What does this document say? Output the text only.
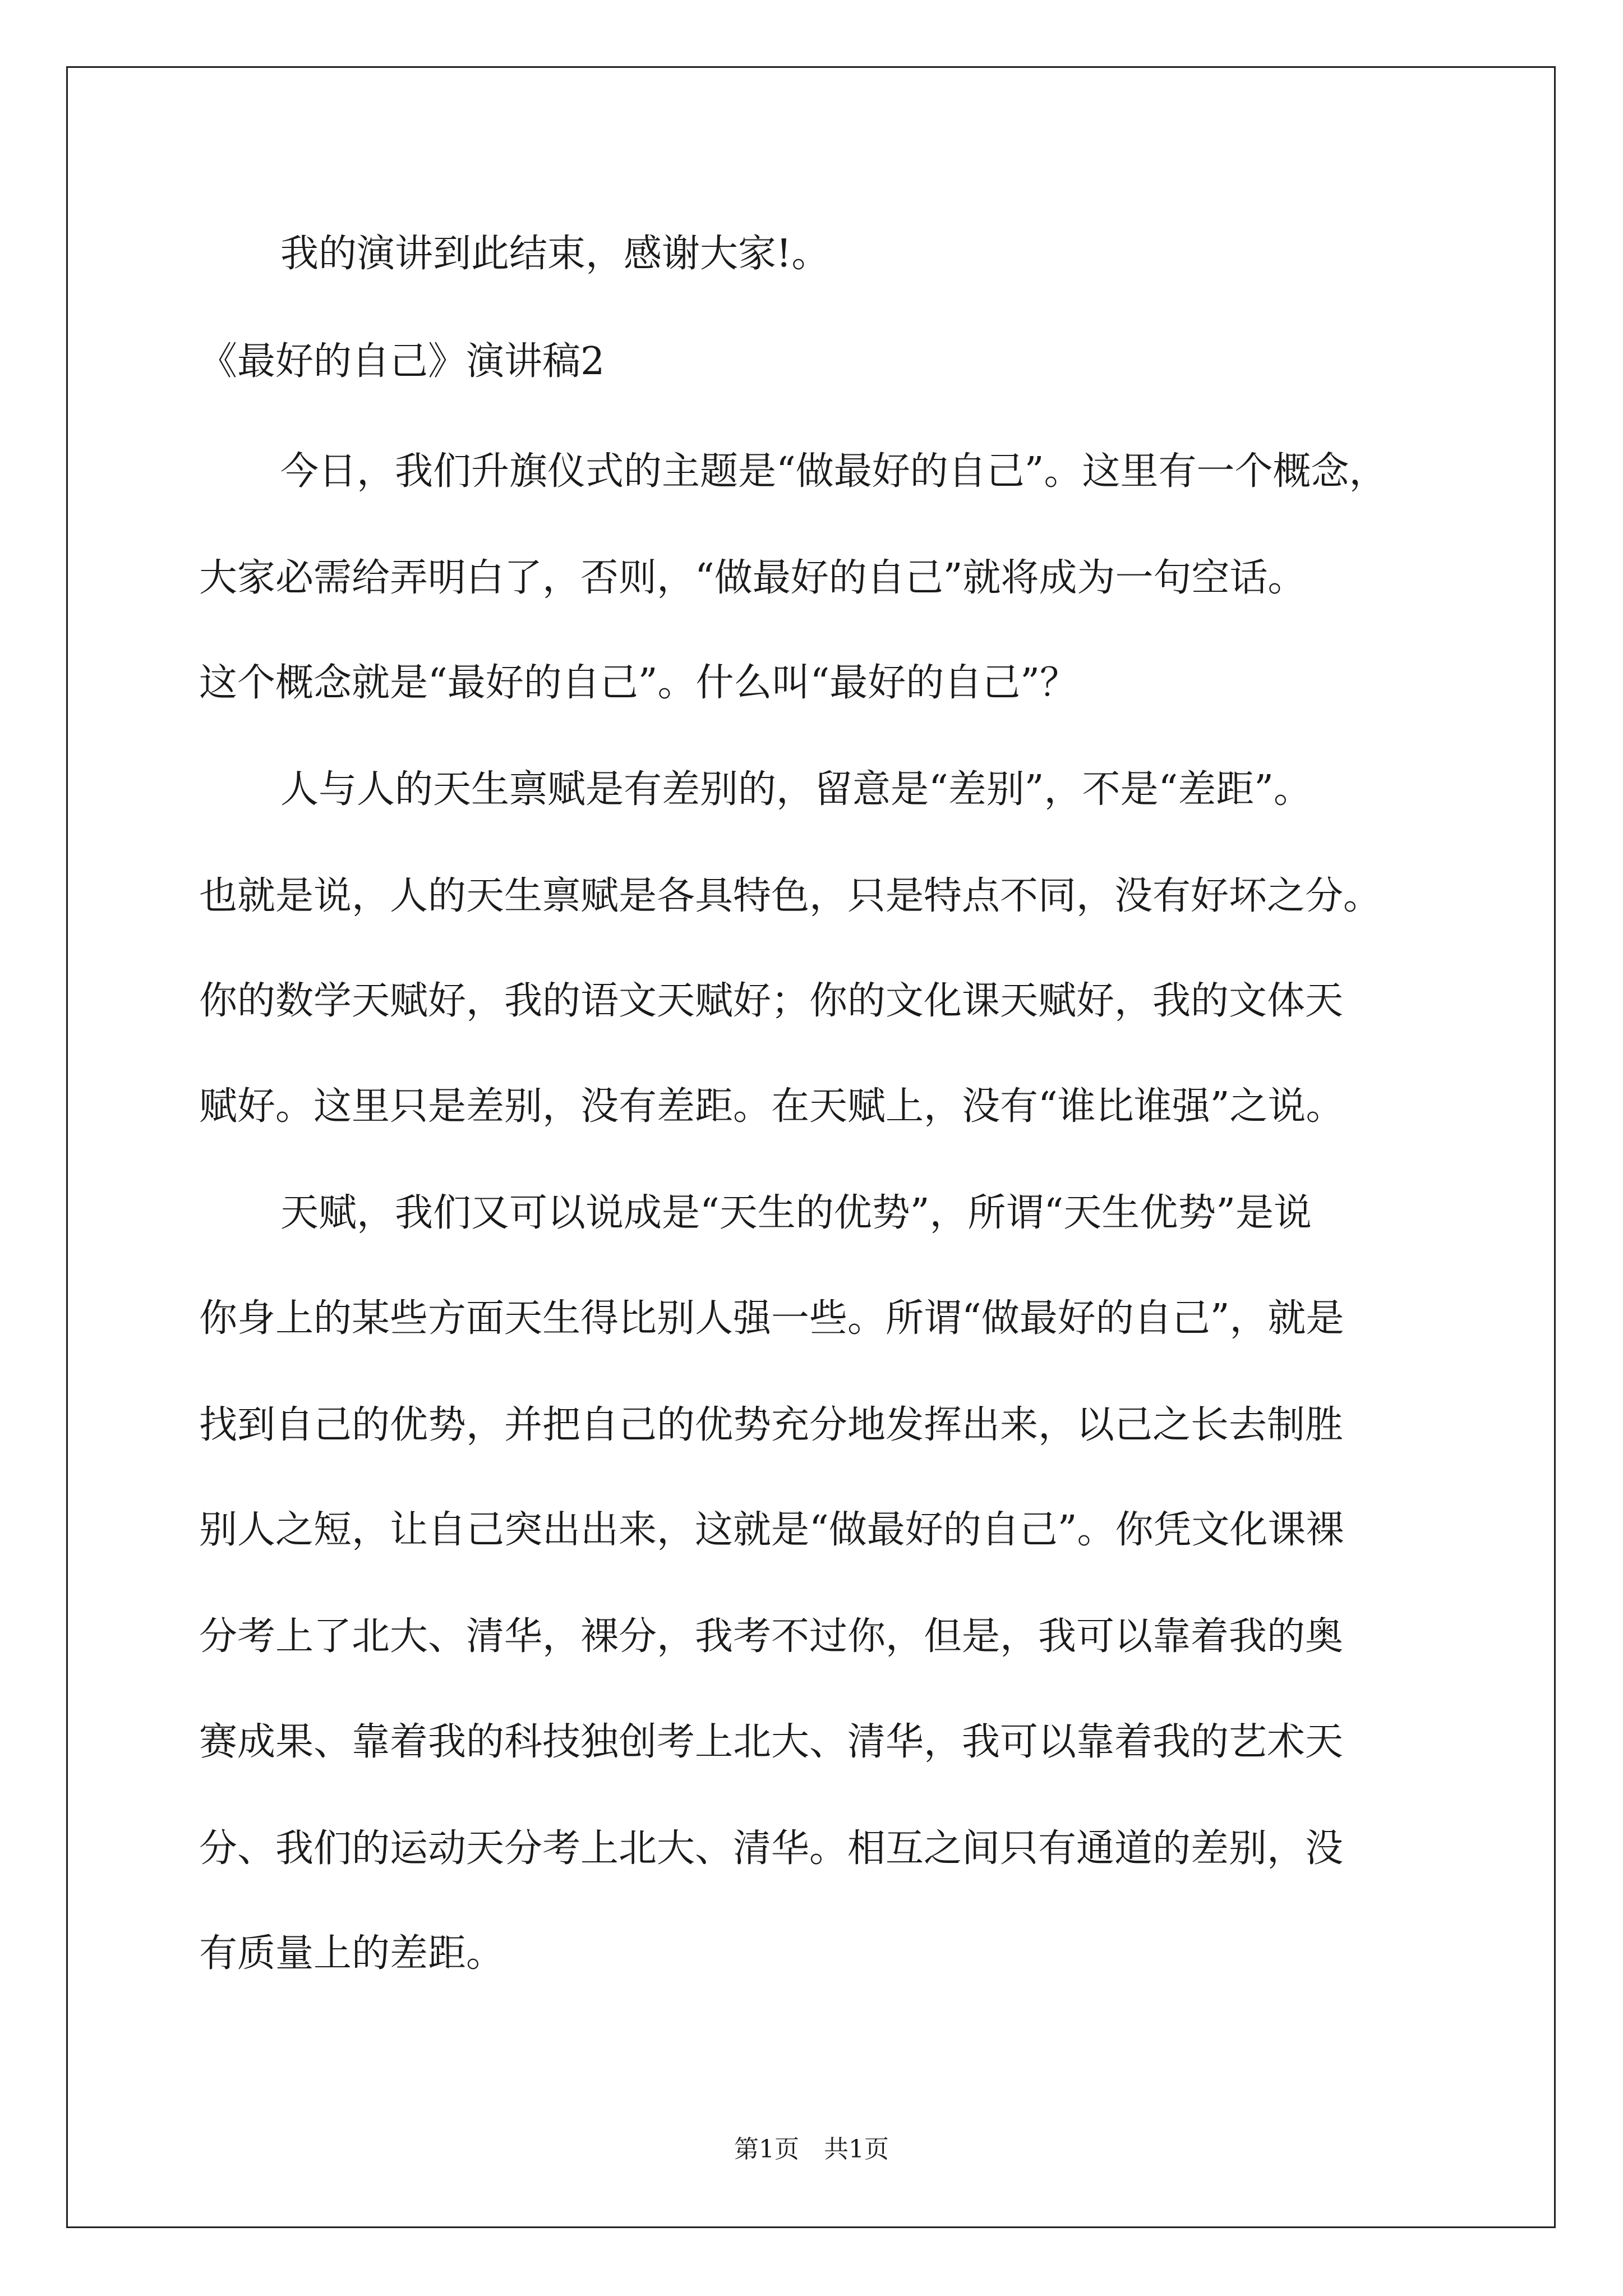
我的演讲到此结束，感谢大家!。
《最好的自己》演讲稿2
今日，我们升旗仪式的主题是“做最好的自己”。这里有一个概念，
大家必需给弄明白了，否则，“做最好的自己”就将成为一句空话。
这个概念就是“最好的自己”。什么叫“最好的自己”？
人与人的天生禀赋是有差别的，留意是“差别”，不是“差距”。
也就是说，人的天生禀赋是各具特色，只是特点不同，没有好坏之分。
你的数学天赋好，我的语文天赋好；你的文化课天赋好，我的文体天
赋好。这里只是差别，没有差距。在天赋上，没有“谁比谁强”之说。
天赋，我们又可以说成是“天生的优势”，所谓“天生优势”是说
你身上的某些方面天生得比别人强一些。所谓“做最好的自己”，就是
找到自己的优势，并把自己的优势充分地发挥出来，以己之长去制胜
别人之短，让自己突出出来，这就是“做最好的自己”。你凭文化课裸
分考上了北大、清华，裸分，我考不过你，但是，我可以靠着我的奥
赛成果、靠着我的科技独创考上北大、清华，我可以靠着我的艺术天
分、我们的运动天分考上北大、清华。相互之间只有通道的差别，没
有质量上的差距。
第1页　共1页
